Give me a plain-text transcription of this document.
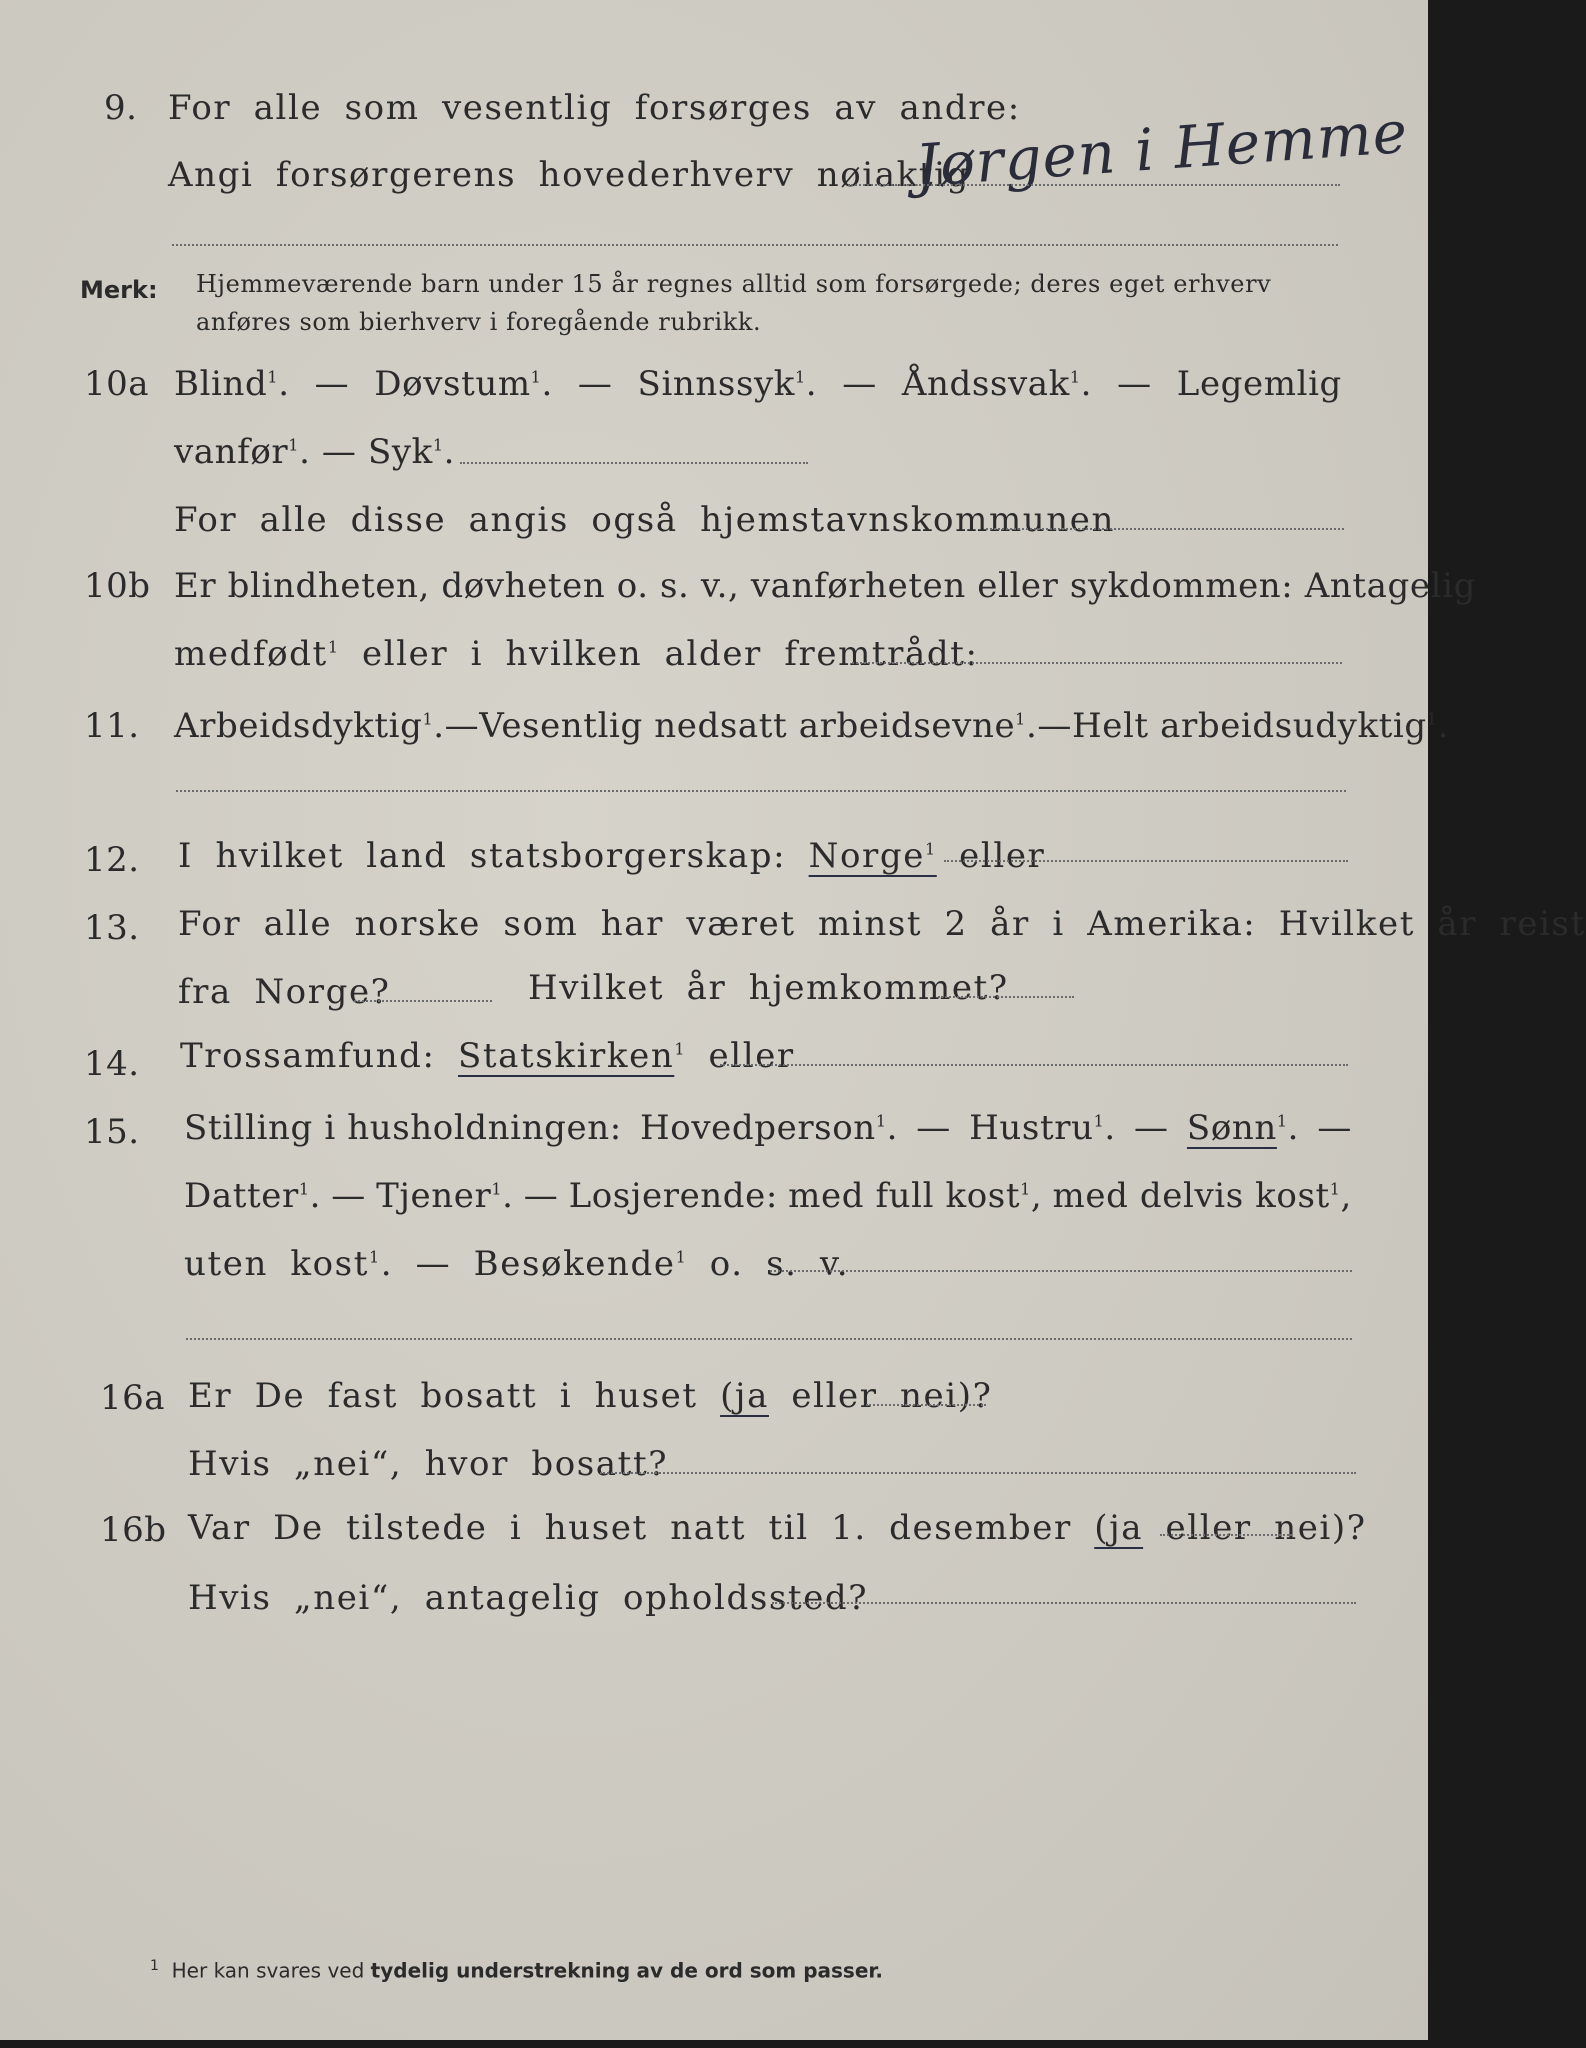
9. For alle som vesentlig forsørges av andre:
Angi forsørgerens hovederhverv nøiaktig
Jørgen i Hemme
Merk: Hjemmeværende barn under 15 år regnes alltid som forsørgede; deres eget erhverv
anføres som bierhverv i foregående rubrikk.
10a Blind$^1$. — Døvstum$^1$. — Sinnssyk$^1$. — Åndssvak$^1$. — Legemlig
vanfør$^1$. — Syk$^1$.
For alle disse angis også hjemstavnskommunen
10b Er blindheten, døvheten o. s. v., vanførheten eller sykdommen: Antagelig
medfødt$^1$ eller i hvilken alder fremtrådt:
11. Arbeidsdyktig$^1$. — Vesentlig nedsatt arbeidsevne$^1$. — Helt arbeidsudyktig$^1$.
12. I hvilket land statsborgerskap: Norge$^1$ eller
13. For alle norske som har været minst 2 år i Amerika: Hvilket år reist
fra Norge?	Hvilket år hjemkommet?
14. Trossamfund: Statskirken$^1$ eller
15. Stilling i husholdningen: Hovedperson$^1$. — Hustru$^1$. — Sønn$^1$. —
Datter$^1$. — Tjener$^1$. — Losjerende: med full kost$^1$, med delvis kost$^1$,
uten kost$^1$. — Besøkende$^1$ o. s. v.
16a Er De fast bosatt i huset (ja eller nei)?
Hvis „nei“, hvor bosatt?
16b Var De tilstede i huset natt til 1. desember (ja eller nei)?
Hvis „nei“, antagelig opholdssted?
$^1$ Her kan svares ved tydelig understrekning av de ord som passer.
